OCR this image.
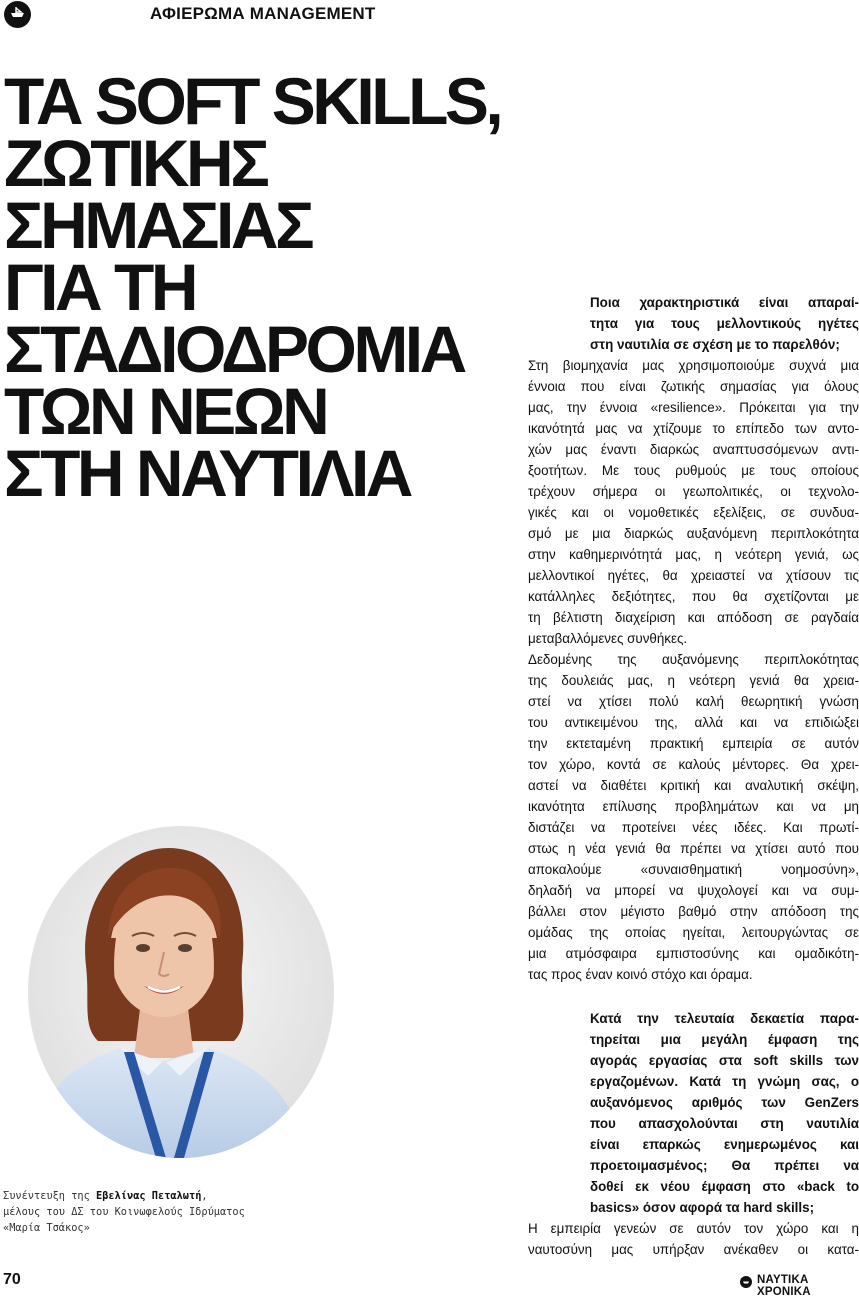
ΑΦΙΕΡΩΜΑ MANAGEMENT
ΤΑ SOFT SKILLS,
ΖΩΤΙΚΗΣ
ΣΗΜΑΣΙΑΣ
ΓΙΑ ΤΗ
ΣΤΑΔΙΟΔΡΟΜΙΑ
ΤΩΝ ΝΕΩΝ
ΣΤΗ ΝΑΥΤΙΛΙΑ
Συνέντευξη της Εβελίνας Πεταλωτή,
μέλους του ΔΣ του Κοινωφελούς Ιδρύματος
«Μαρία Τσάκος»

Ποια χαρακτηριστικά είναι απαραί-

τητα για τους μελλοντικούς ηγέτες

στη ναυτιλία σε σχέση με το παρελθόν;

Στη βιομηχανία μας χρησιμοποιούμε συχνά μια

έννοια που είναι ζωτικής σημασίας για όλους

μας, την έννοια «resilience». Πρόκειται για την

ικανότητά μας να χτίζουμε το επίπεδο των αντο-

χών μας έναντι διαρκώς αναπτυσσόμενων αντι-

ξοοτήτων. Με τους ρυθμούς με τους οποίους

τρέχουν σήμερα οι γεωπολιτικές, οι τεχνολο-

γικές και οι νομοθετικές εξελίξεις, σε συνδυα-

σμό με μια διαρκώς αυξανόμενη περιπλοκότητα

στην καθημερινότητά μας, η νεότερη γενιά, ως

μελλοντικοί ηγέτες, θα χρειαστεί να χτίσουν τις

κατάλληλες δεξιότητες, που θα σχετίζονται με

τη βέλτιστη διαχείριση και απόδοση σε ραγδαία

μεταβαλλόμενες συνθήκες.

Δεδομένης της αυξανόμενης περιπλοκότητας

της δουλειάς μας, η νεότερη γενιά θα χρεια-

στεί να χτίσει πολύ καλή θεωρητική γνώση

του αντικειμένου της, αλλά και να επιδιώξει

την εκτεταμένη πρακτική εμπειρία σε αυτόν

τον χώρο, κοντά σε καλούς μέντορες. Θα χρει-

αστεί να διαθέτει κριτική και αναλυτική σκέψη,

ικανότητα επίλυσης προβλημάτων και να μη

διστάζει να προτείνει νέες ιδέες. Και πρωτί-

στως η νέα γενιά θα πρέπει να χτίσει αυτό που

αποκαλούμε «συναισθηματική νοημοσύνη»,

δηλαδή να μπορεί να ψυχολογεί και να συμ-

βάλλει στον μέγιστο βαθμό στην απόδοση της

ομάδας της οποίας ηγείται, λειτουργώντας σε

μια ατμόσφαιρα εμπιστοσύνης και ομαδικότη-

τας προς έναν κοινό στόχο και όραμα.

Κατά την τελευταία δεκαετία παρα-

τηρείται μια μεγάλη έμφαση της

αγοράς εργασίας στα soft skills των

εργαζομένων. Κατά τη γνώμη σας, ο

αυξανόμενος αριθμός των GenZers

που απασχολούνται στη ναυτιλία

είναι επαρκώς ενημερωμένος και

προετοιμασμένος; Θα πρέπει να

δοθεί εκ νέου έμφαση στο «back to

basics» όσον αφορά τα hard skills;

Η εμπειρία γενεών σε αυτόν τον χώρο και η

ναυτοσύνη μας υπήρξαν ανέκαθεν οι κατα-

70	ΝΑΥΤΙΚΑ ΧΡΟΝΙΚΑ
